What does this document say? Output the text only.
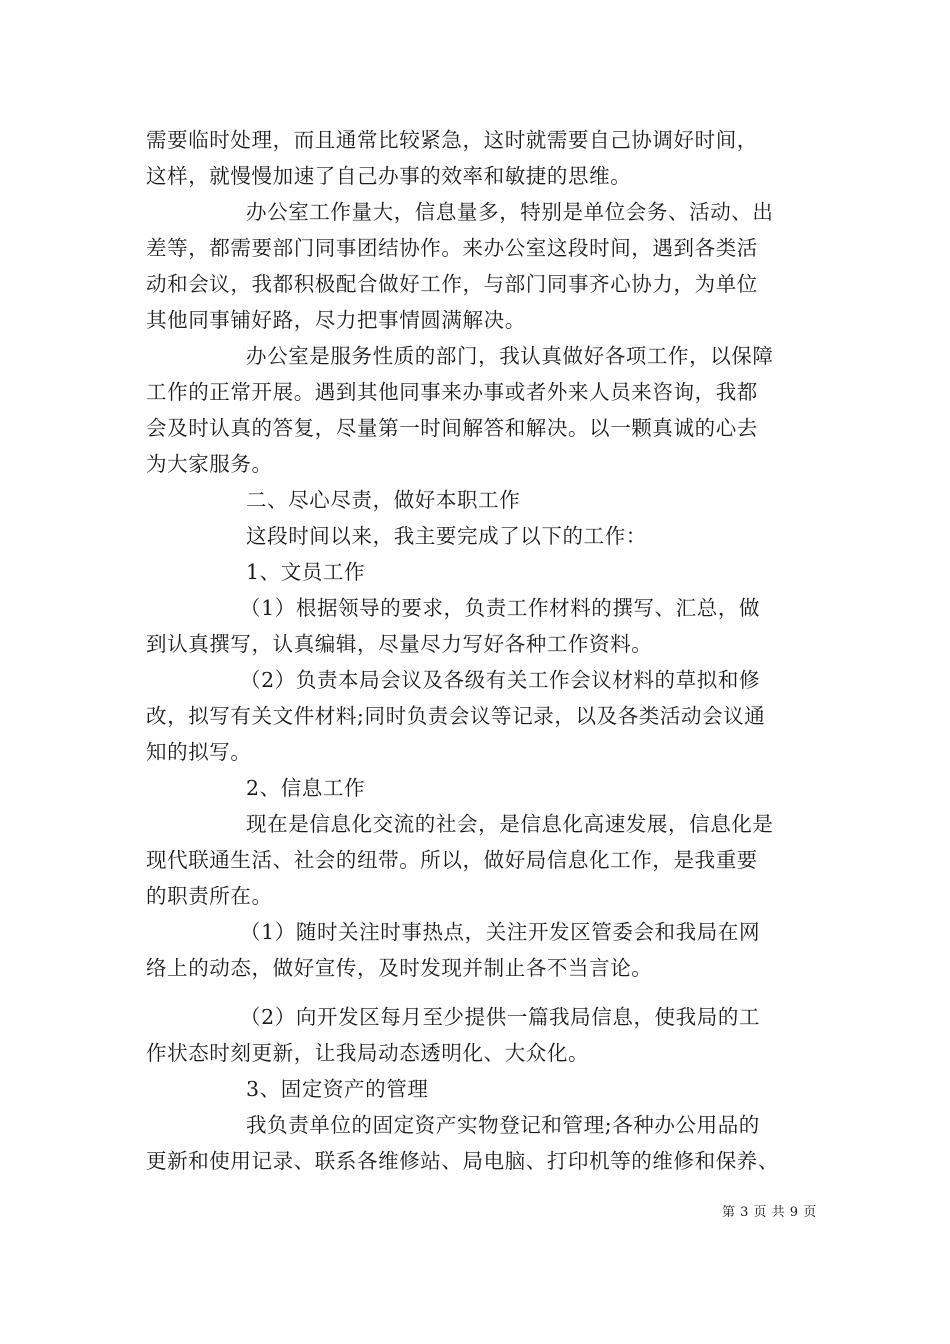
需要临时处理，而且通常比较紧急，这时就需要自己协调好时间，
这样，就慢慢加速了自己办事的效率和敏捷的思维。
办公室工作量大，信息量多，特别是单位会务、活动、出
差等，都需要部门同事团结协作。来办公室这段时间，遇到各类活
动和会议，我都积极配合做好工作，与部门同事齐心协力，为单位
其他同事铺好路，尽力把事情圆满解决。
办公室是服务性质的部门，我认真做好各项工作，以保障
工作的正常开展。遇到其他同事来办事或者外来人员来咨询，我都
会及时认真的答复，尽量第一时间解答和解决。以一颗真诚的心去
为大家服务。
二、尽心尽责，做好本职工作
这段时间以来，我主要完成了以下的工作：
1、文员工作
（1）根据领导的要求，负责工作材料的撰写、汇总，做
到认真撰写，认真编辑，尽量尽力写好各种工作资料。
（2）负责本局会议及各级有关工作会议材料的草拟和修
改，拟写有关文件材料;同时负责会议等记录，以及各类活动会议通
知的拟写。
2、信息工作
现在是信息化交流的社会，是信息化高速发展，信息化是
现代联通生活、社会的纽带。所以，做好局信息化工作，是我重要
的职责所在。
（1）随时关注时事热点，关注开发区管委会和我局在网
络上的动态，做好宣传，及时发现并制止各不当言论。
（2）向开发区每月至少提供一篇我局信息，使我局的工
作状态时刻更新，让我局动态透明化、大众化。
3、固定资产的管理
我负责单位的固定资产实物登记和管理;各种办公用品的
更新和使用记录、联系各维修站、局电脑、打印机等的维修和保养、
第 3 页 共 9 页
